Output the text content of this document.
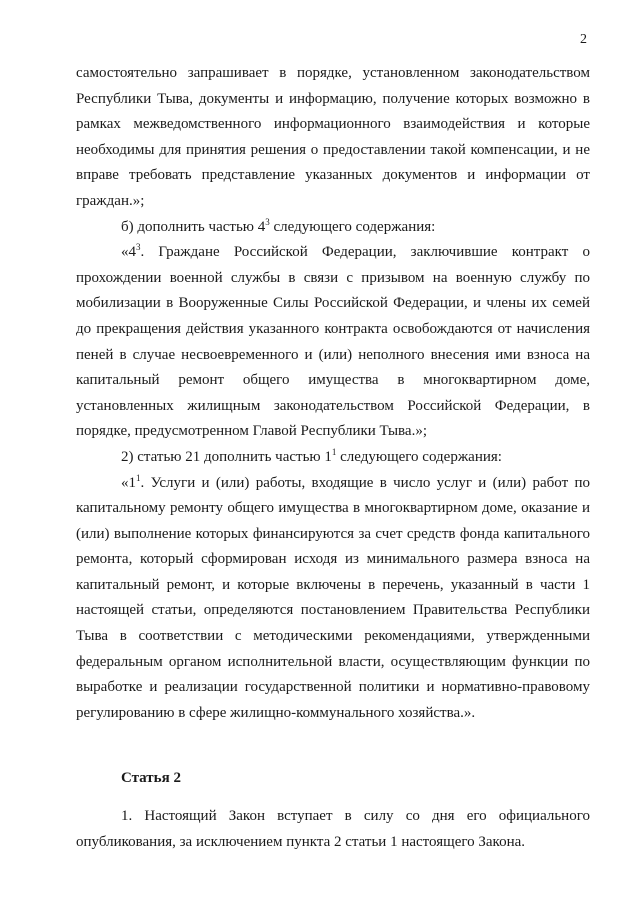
2
самостоятельно запрашивает в порядке, установленном законодательством
Республики Тыва, документы и информацию, получение которых возможно в
рамках межведомственного информационного взаимодействия и которые
необходимы для принятия решения о предоставлении такой компенсации, и не
вправе требовать представление указанных документов и информации от
граждан.»;
б) дополнить частью $4^3$ следующего содержания:
«$4^3$. Граждане Российской Федерации, заключившие контракт о
прохождении военной службы в связи с призывом на военную службу по
мобилизации в Вооруженные Силы Российской Федерации, и члены их семей
до прекращения действия указанного контракта освобождаются от начисления
пеней в случае несвоевременного и (или) неполного внесения ими взноса на
капитальный ремонт общего имущества в многоквартирном доме,
установленных жилищным законодательством Российской Федерации, в
порядке, предусмотренном Главой Республики Тыва.»;
2) статью 21 дополнить частью $1^1$ следующего содержания:
«$1^1$. Услуги и (или) работы, входящие в число услуг и (или) работ по
капитальному ремонту общего имущества в многоквартирном доме, оказание и
(или) выполнение которых финансируются за счет средств фонда капитального
ремонта, который сформирован исходя из минимального размера взноса на
капитальный ремонт, и которые включены в перечень, указанный в части 1
настоящей статьи, определяются постановлением Правительства Республики
Тыва в соответствии с методическими рекомендациями, утвержденными
федеральным органом исполнительной власти, осуществляющим функции по
выработке и реализации государственной политики и нормативно-правовому
регулированию в сфере жилищно-коммунального хозяйства.».
Статья 2
1. Настоящий Закон вступает в силу со дня его официального
опубликования, за исключением пункта 2 статьи 1 настоящего Закона.
